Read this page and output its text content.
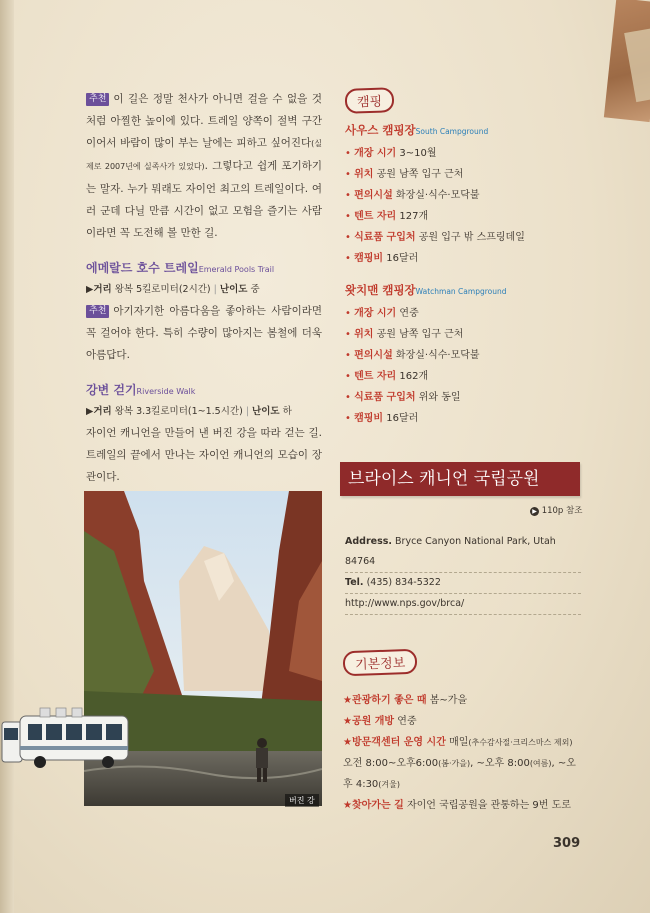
추천 이 길은 정말 천사가 아니면 걸을 수 없을 것처럼 아찔한 높이에 있다. 트레일 양쪽이 절벽 구간이어서 바람이 많이 부는 날에는 피하고 싶어진다(실제로 2007년에 실족사가 있었다). 그렇다고 쉽게 포기하기는 말자. 누가 뭐래도 자이언 최고의 트레일이다. 여러 군데 다닐 만큼 시간이 없고 모험을 즐기는 사람이라면 꼭 도전해 볼 만한 길.

에메랄드 호수 트레일Emerald Pools Trail
▶거리 왕복 5킬로미터(2시간) | 난이도 중

추천 아기자기한 아름다움을 좋아하는 사람이라면 꼭 걸어야 한다. 특히 수량이 많아지는 봄철에 더욱 아름답다.

강변 걷기Riverside Walk
▶거리 왕복 3.3킬로미터(1~1.5시간) | 난이도 하

자이언 캐니언을 만들어 낸 버진 강을 따라 걷는 길. 트레일의 끝에서 만나는 자이언 캐니언의 모습이 장관이다.

버진 강
캠핑
사우스 캠핑장South Campground
• 개장 시기 3~10월
• 위치 공원 남쪽 입구 근처
• 편의시설 화장실·식수·모닥불
• 텐트 자리 127개
• 식료품 구입처 공원 입구 밖 스프링데일
• 캠핑비 16달러
왓치맨 캠핑장Watchman Campground
• 개장 시기 연중
• 위치 공원 남쪽 입구 근처
• 편의시설 화장실·식수·모닥불
• 텐트 자리 162개
• 식료품 구입처 위와 동일
• 캠핑비 16달러
브라이스 캐니언 국립공원
▶ 110p 참조
Address. Bryce Canyon National Park, Utah 84764
Tel. (435) 834-5322
http://www.nps.gov/brca/
기본정보
★관광하기 좋은 때 봄~가을
★공원 개방 연중
★방문객센터 운영 시간 매일(추수감사절·크리스마스 제외) 오전 8:00~오후6:00(봄·가을), ~오후 8:00(여름), ~오후 4:30(겨울)
★찾아가는 길 자이언 국립공원을 관통하는 9번 도로
309
